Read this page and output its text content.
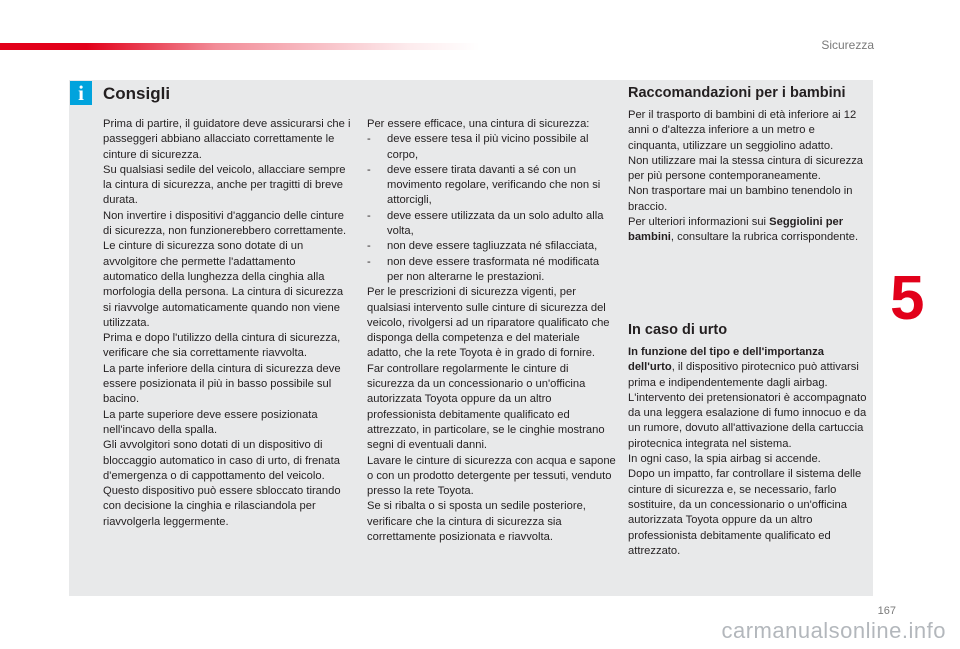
Sicurezza
5
i	Consigli

Prima di partire, il guidatore deve assicurarsi che i passeggeri abbiano allacciato correttamente le cinture di sicurezza.

Su qualsiasi sedile del veicolo, allacciare sempre la cintura di sicurezza, anche per tragitti di breve durata.

Non invertire i dispositivi d'aggancio delle cinture di sicurezza, non funzionerebbero correttamente.

Le cinture di sicurezza sono dotate di un avvolgitore che permette l'adattamento automatico della lunghezza della cinghia alla morfologia della persona. La cintura di sicurezza si riavvolge automaticamente quando non viene utilizzata.

Prima e dopo l'utilizzo della cintura di sicurezza, verificare che sia correttamente riavvolta.

La parte inferiore della cintura di sicurezza deve essere posizionata il più in basso possibile sul bacino.

La parte superiore deve essere posizionata nell'incavo della spalla.

Gli avvolgitori sono dotati di un dispositivo di bloccaggio automatico in caso di urto, di frenata d'emergenza o di cappottamento del veicolo. Questo dispositivo può essere sbloccato tirando con decisione la cinghia e rilasciandola per riavvolgerla leggermente.

Per essere efficace, una cintura di sicurezza:

- deve essere tesa il più vicino possibile al corpo,
- deve essere tirata davanti a sé con un movimento regolare, verificando che non si attorcigli,
- deve essere utilizzata da un solo adulto alla volta,
- non deve essere tagliuzzata né sfilacciata,
- non deve essere trasformata né modificata per non alterarne le prestazioni.

Per le prescrizioni di sicurezza vigenti, per qualsiasi intervento sulle cinture di sicurezza del veicolo, rivolgersi ad un riparatore qualificato che disponga della competenza e del materiale adatto, che la rete Toyota è in grado di fornire.

Far controllare regolarmente le cinture di sicurezza da un concessionario o un'officina autorizzata Toyota oppure da un altro professionista debitamente qualificato ed attrezzato, in particolare, se le cinghie mostrano segni di eventuali danni.

Lavare le cinture di sicurezza con acqua e sapone o con un prodotto detergente per tessuti, venduto presso la rete Toyota.

Se si ribalta o si sposta un sedile posteriore, verificare che la cintura di sicurezza sia correttamente posizionata e riavvolta.

Raccomandazioni per i bambini

Per il trasporto di bambini di età inferiore ai 12 anni o d'altezza inferiore a un metro e cinquanta, utilizzare un seggiolino adatto.

Non utilizzare mai la stessa cintura di sicurezza per più persone contemporaneamente.

Non trasportare mai un bambino tenendolo in braccio.

Per ulteriori informazioni sui Seggiolini per bambini, consultare la rubrica corrispondente.

In caso di urto

In funzione del tipo e dell'importanza dell'urto, il dispositivo pirotecnico può attivarsi prima e indipendentemente dagli airbag. L'intervento dei pretensionatori è accompagnato da una leggera esalazione di fumo innocuo e da un rumore, dovuto all'attivazione della cartuccia pirotecnica integrata nel sistema.

In ogni caso, la spia airbag si accende.

Dopo un impatto, far controllare il sistema delle cinture di sicurezza e, se necessario, farlo sostituire, da un concessionario o un'officina autorizzata Toyota oppure da un altro professionista debitamente qualificato ed attrezzato.

167
carmanualsonline.info
